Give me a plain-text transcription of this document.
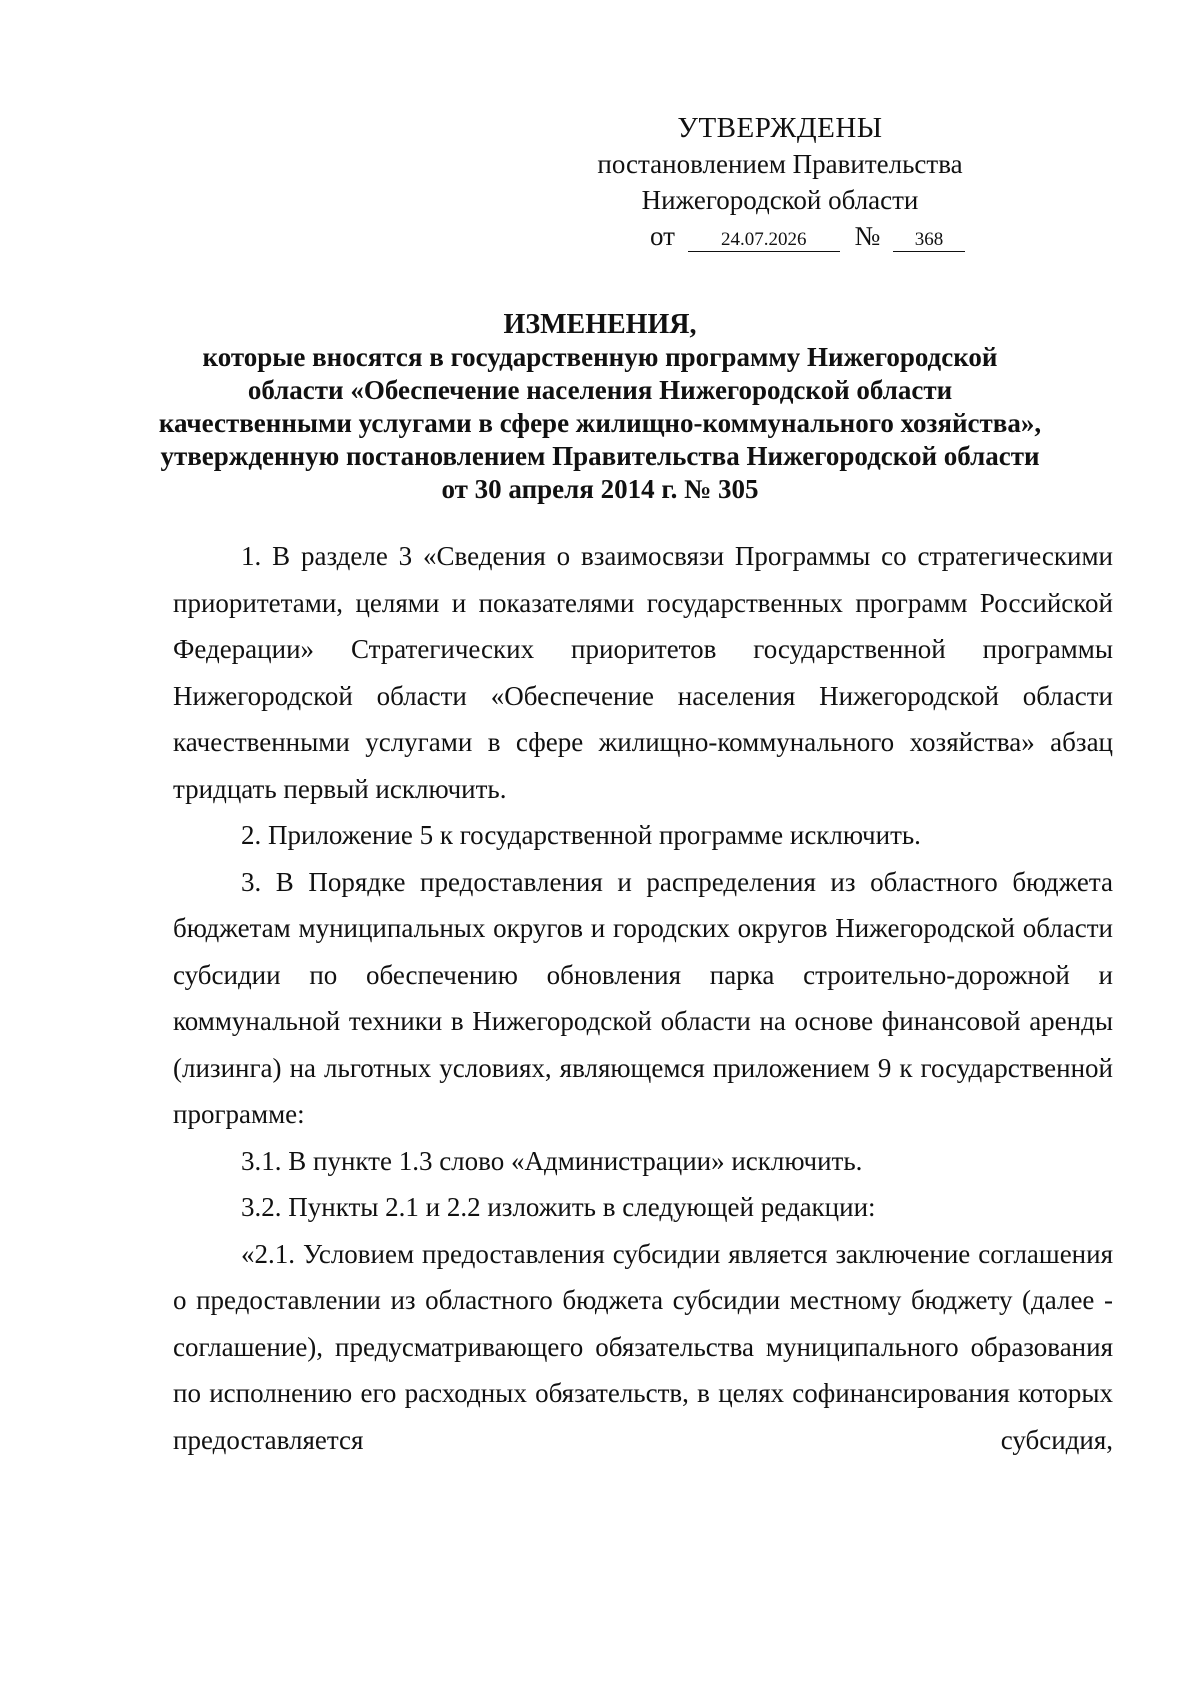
УТВЕРЖДЕНЫ
постановлением Правительства
Нижегородской области
от 24.07.2026 № 368
ИЗМЕНЕНИЯ,
которые вносятся в государственную программу Нижегородской
области «Обеспечение населения Нижегородской области
качественными услугами в сфере жилищно-коммунального хозяйства»,
утвержденную постановлением Правительства Нижегородской области
от 30 апреля 2014 г. № 305

1. В разделе 3 «Сведения о взаимосвязи Программы со стратегическими приоритетами, целями и показателями государственных программ Российской Федерации» Стратегических приоритетов государственной программы Нижегородской области «Обеспечение населения Нижегородской области качественными услугами в сфере жилищно-коммунального хозяйства» абзац тридцать первый исключить.

2. Приложение 5 к государственной программе исключить.

3. В Порядке предоставления и распределения из областного бюджета бюджетам муниципальных округов и городских округов Нижегородской области субсидии по обеспечению обновления парка строительно-дорожной и коммунальной техники в Нижегородской области на основе финансовой аренды (лизинга) на льготных условиях, являющемся приложением 9 к государственной программе:

3.1. В пункте 1.3 слово «Администрации» исключить.

3.2. Пункты 2.1 и 2.2 изложить в следующей редакции:

«2.1. Условием предоставления субсидии является заключение соглашения о предоставлении из областного бюджета субсидии местному бюджету (далее - соглашение), предусматривающего обязательства муниципального образования по исполнению его расходных обязательств, в целях софинансирования которых предоставляется субсидия,
